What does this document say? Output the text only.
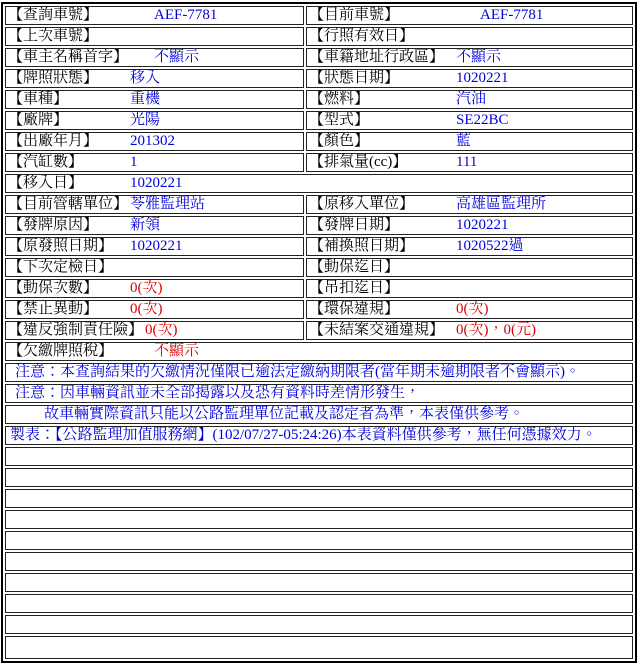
【查詢車號】 AEF-7781	【目前車號】 AEF-7781

【上次車號】	【行照有效日】

【車主名稱首字】 不顯示	【車籍地址行政區】 不顯示

【牌照狀態】 移入	【狀態日期】 1020221

【車種】 重機	【燃料】 汽油

【廠牌】 光陽	【型式】 SE22BC

【出廠年月】 201302	【顏色】 藍

【汽缸數】 1	【排氣量(cc)】 111

【移入日】 1020221	

【目前管轄單位】 苓雅監理站	【原移入單位】 高雄區監理所

【發牌原因】 新領	【發牌日期】 1020221

【原發照日期】 1020221	【補換照日期】 1020522過

【下次定檢日】	【動保迄日】

【動保次數】 0(次)	【吊扣迄日】

【禁止異動】 0(次)	【環保違規】 0(次)

【違反強制責任險】 0(次)	【未結案交通違規】 0(次)，0(元)

【欠繳牌照稅】 不顯示	

注意：本查詢結果的欠繳情況僅限已逾法定繳納期限者(當年期未逾期限者不會顯示)。	
注意：因車輛資訊並未全部揭露以及恐有資料時差情形發生，	
故車輛實際資訊只能以公路監理單位記載及認定者為準，本表僅供參考。	
製表：【公路監理加值服務網】(102/07/27-05:24:26)本表資料僅供參考，無任何憑據效力。	
